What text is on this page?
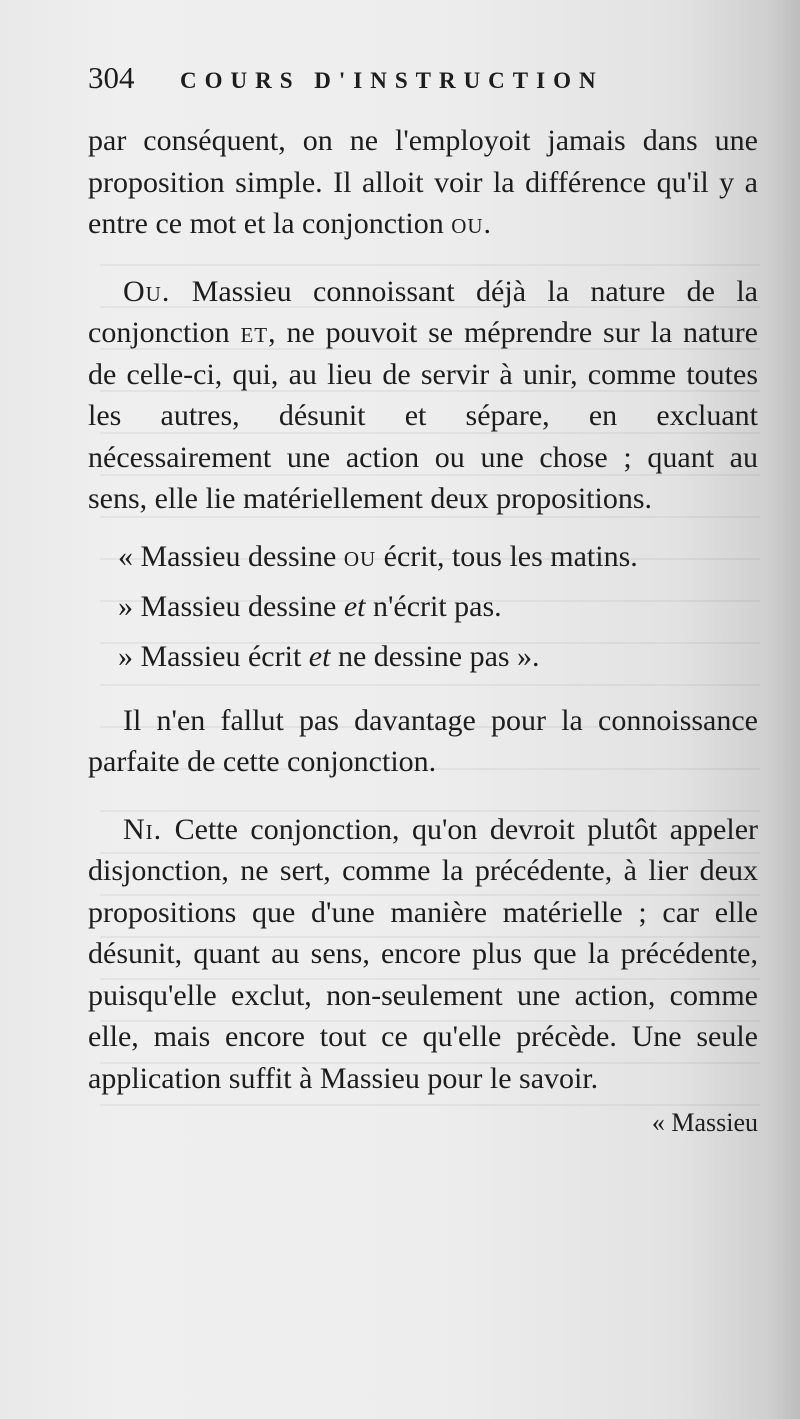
304	COURS D'INSTRUCTION

par conséquent, on ne l'employoit jamais dans une proposition simple. Il alloit voir la différence qu'il y a entre ce mot et la conjonction ou.

Ou. Massieu connoissant déjà la nature de la conjonction et, ne pouvoit se méprendre sur la nature de celle-ci, qui, au lieu de servir à unir, comme toutes les autres, désunit et sépare, en excluant nécessairement une action ou une chose ; quant au sens, elle lie matériellement deux propositions.

« Massieu dessine ou écrit, tous les matins.
» Massieu dessine et n'écrit pas.
» Massieu écrit et ne dessine pas ».

Il n'en fallut pas davantage pour la connoissance parfaite de cette conjonction.

Ni. Cette conjonction, qu'on devroit plutôt appeler disjonction, ne sert, comme la précédente, à lier deux propositions que d'une manière matérielle ; car elle désunit, quant au sens, encore plus que la précédente, puisqu'elle exclut, non-seulement une action, comme elle, mais encore tout ce qu'elle précède. Une seule application suffit à Massieu pour le savoir.

« Massieu
